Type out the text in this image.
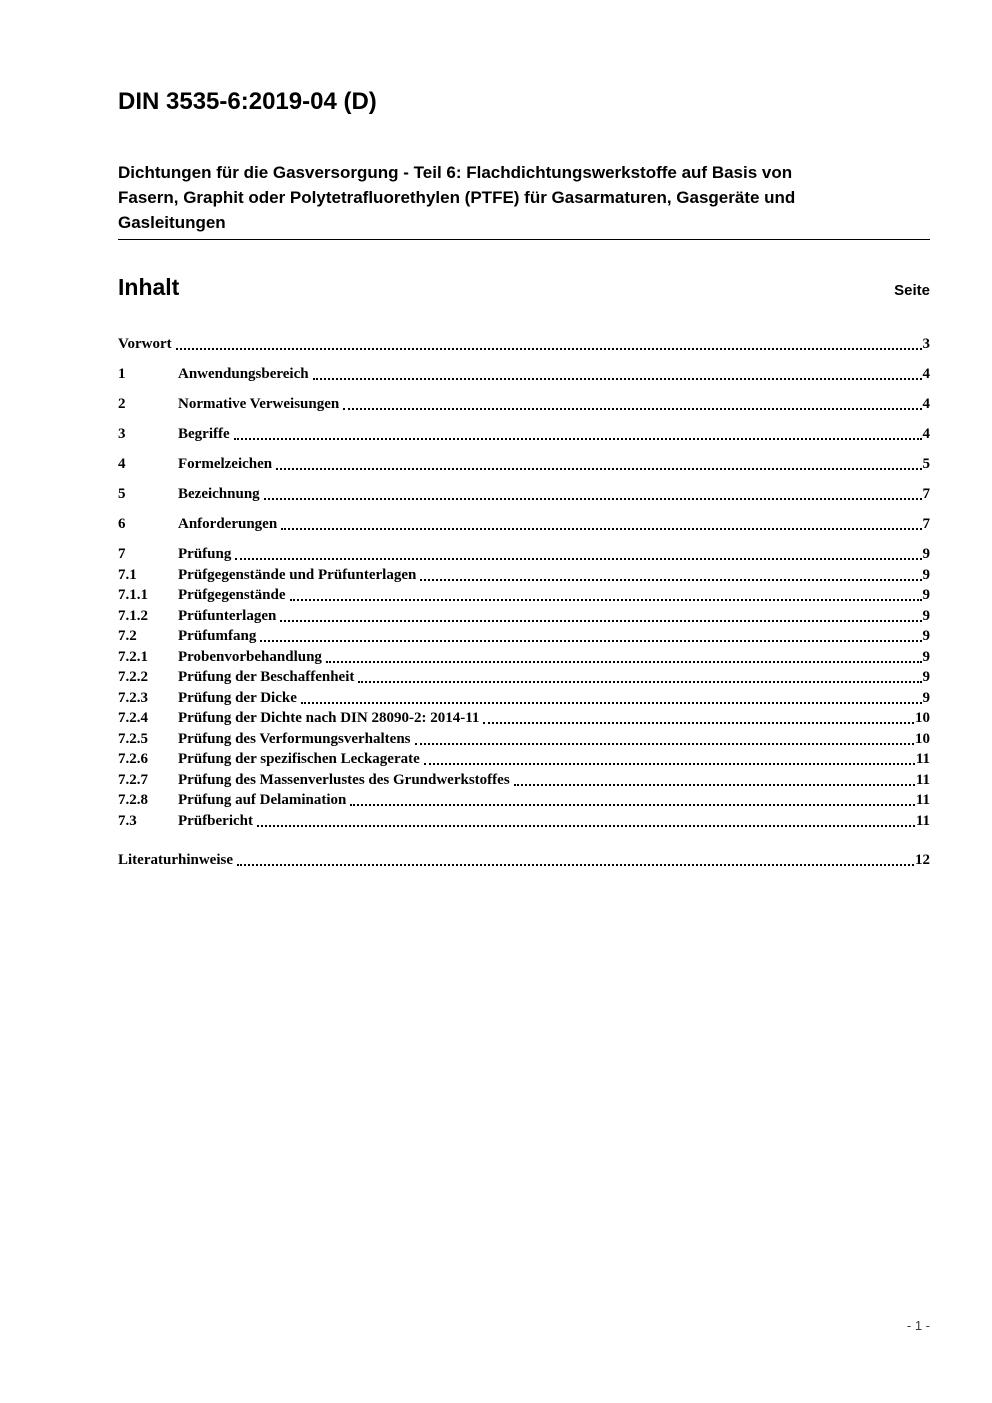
DIN 3535-6:2019-04 (D)
Dichtungen für die Gasversorgung - Teil 6: Flachdichtungswerkstoffe auf Basis von
Fasern, Graphit oder Polytetrafluorethylen (PTFE) für Gasarmaturen, Gasgeräte und
Gasleitungen
Inhalt	Seite
Vorwort	3
1	Anwendungsbereich	4
2	Normative Verweisungen	4
3	Begriffe	4
4	Formelzeichen	5
5	Bezeichnung	7
6	Anforderungen	7
7	Prüfung	9
7.1	Prüfgegenstände und Prüfunterlagen	9
7.1.1	Prüfgegenstände	9
7.1.2	Prüfunterlagen	9
7.2	Prüfumfang	9
7.2.1	Probenvorbehandlung	9
7.2.2	Prüfung der Beschaffenheit	9
7.2.3	Prüfung der Dicke	9
7.2.4	Prüfung der Dichte nach DIN 28090-2: 2014-11	10
7.2.5	Prüfung des Verformungsverhaltens	10
7.2.6	Prüfung der spezifischen Leckagerate	11
7.2.7	Prüfung des Massenverlustes des Grundwerkstoffes	11
7.2.8	Prüfung auf Delamination	11
7.3	Prüfbericht	11
Literaturhinweise	12
- 1 -
